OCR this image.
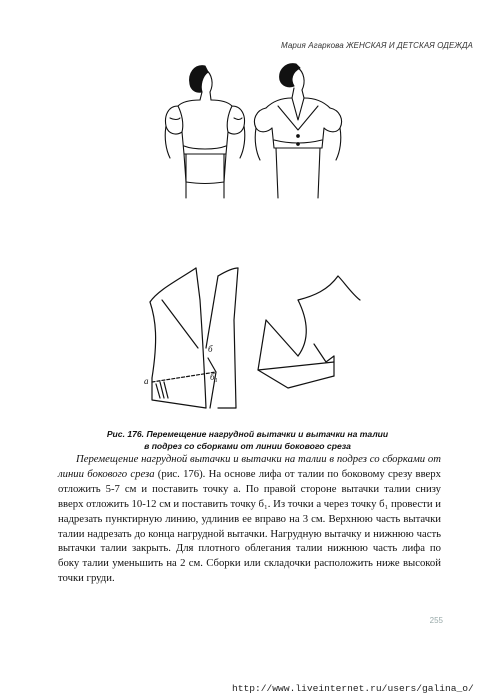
Мария Агаркова ЖЕНСКАЯ И ДЕТСКАЯ ОДЕЖДА
б
б₁
а
Рис. 176. Перемещение нагрудной вытачки и вытачки на талии
в подрез со сборками от линии бокового среза

Перемещение нагрудной вытачки и вытачки на талии в подрез со сборками от линии бокового среза (рис. 176). На основе лифа от талии по боковому срезу вверх отложить 5-7 см и поставить точку а. По правой стороне вытачки талии снизу вверх отложить 10-12 см и поставить точку б₁. Из точки а через точку б₁ провести и надрезать пунктирную линию, удлинив ее вправо на 3 см. Верхнюю часть вытачки талии надрезать до конца нагрудной вытачки. Нагрудную вытачку и нижнюю часть вытачки талии закрыть. Для плотного облегания талии нижнюю часть лифа по боку талии уменьшить на 2 см. Сборки или складочки расположить ниже высокой точки груди.

255
http://www.liveinternet.ru/users/galina_o/
